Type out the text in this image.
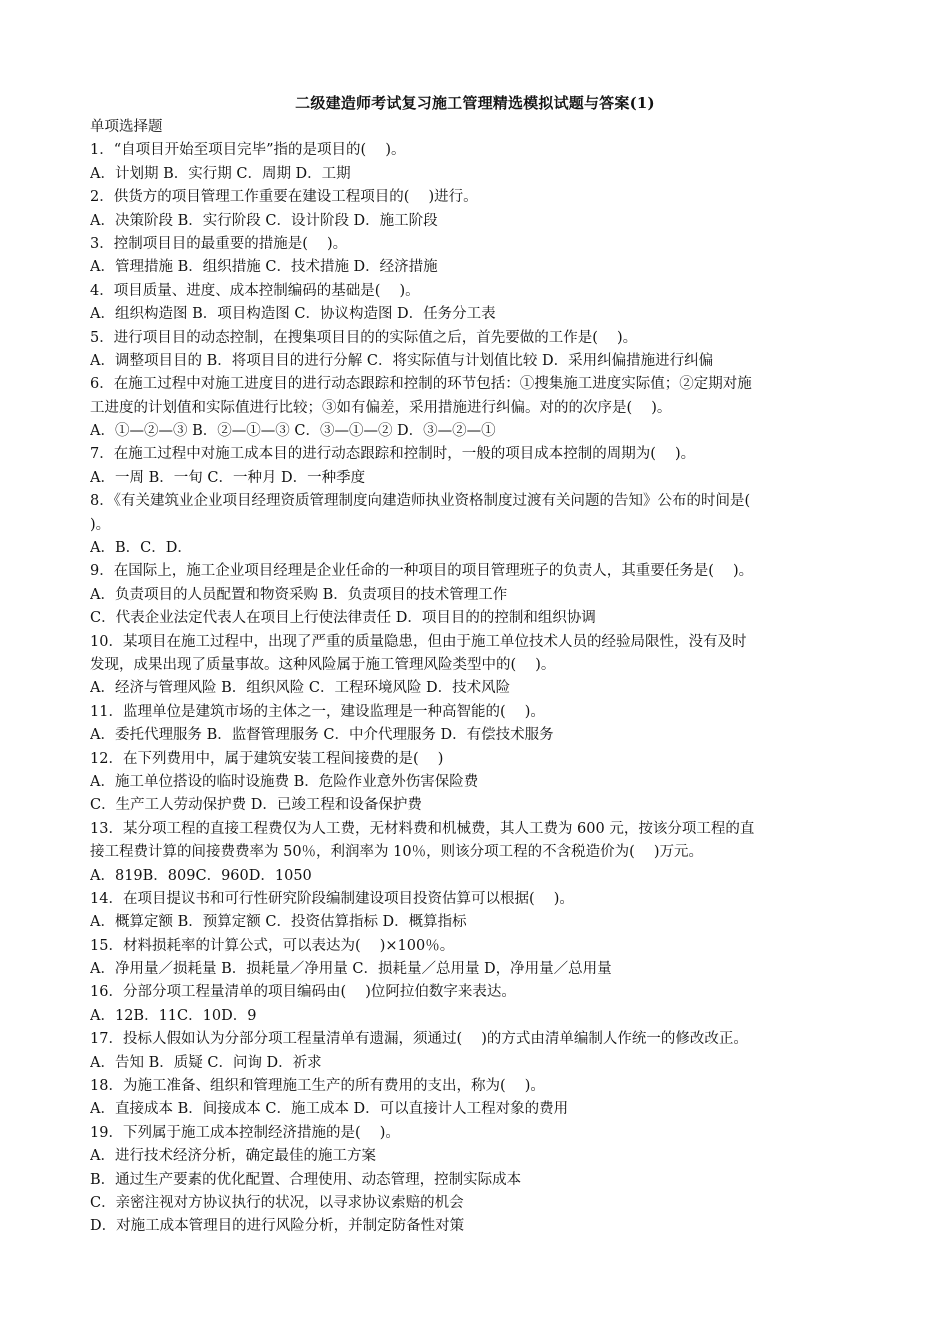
二级建造师考试复习施工管理精选模拟试题与答案(1)
单项选择题
1．“自项目开始至项目完毕”指的是项目的(　 )。
A．计划期 B．实行期 C．周期 D．工期
2．供货方的项目管理工作重要在建设工程项目的(　 )进行。
A．决策阶段 B．实行阶段 C．设计阶段 D．施工阶段
3．控制项目目的最重要的措施是(　 )。
A．管理措施 B．组织措施 C．技术措施 D．经济措施
4．项目质量、进度、成本控制编码的基础是(　 )。
A．组织构造图 B．项目构造图 C．协议构造图 D．任务分工表
5．进行项目目的动态控制，在搜集项目目的的实际值之后，首先要做的工作是(　 )。
A．调整项目目的 B．将项目目的进行分解 C．将实际值与计划值比较 D．采用纠偏措施进行纠偏
6．在施工过程中对施工进度目的进行动态跟踪和控制的环节包括：①搜集施工进度实际值；②定期对施
工进度的计划值和实际值进行比较；③如有偏差，采用措施进行纠偏。对的的次序是(　 )。
A．①—②—③ B．②—①—③ C．③—①—② D．③—②—①
7．在施工过程中对施工成本目的进行动态跟踪和控制时，一般的项目成本控制的周期为(　 )。
A．一周 B．一旬 C．一种月 D．一种季度
8．《有关建筑业企业项目经理资质管理制度向建造师执业资格制度过渡有关问题的告知》公布的时间是(
)。
A．B．C．D．
9．在国际上，施工企业项目经理是企业任命的一种项目的项目管理班子的负责人，其重要任务是(　 )。
A．负责项目的人员配置和物资采购 B．负责项目的技术管理工作
C．代表企业法定代表人在项目上行使法律责任 D．项目目的的控制和组织协调
10．某项目在施工过程中，出现了严重的质量隐患，但由于施工单位技术人员的经验局限性，没有及时
发现，成果出现了质量事故。这种风险属于施工管理风险类型中的(　 )。
A．经济与管理风险 B．组织风险 C．工程环境风险 D．技术风险
11．监理单位是建筑市场的主体之一，建设监理是一种高智能的(　 )。
A．委托代理服务 B．监督管理服务 C．中介代理服务 D．有偿技术服务
12．在下列费用中，属于建筑安装工程间接费的是(　 )
A．施工单位搭设的临时设施费 B．危险作业意外伤害保险费
C．生产工人劳动保护费 D．已竣工程和设备保护费
13．某分项工程的直接工程费仅为人工费，无材料费和机械费，其人工费为 600 元，按该分项工程的直
接工程费计算的间接费费率为 50％，利润率为 10％，则该分项工程的不含税造价为(　 )万元。
A．819B．809C．960D．1050
14．在项目提议书和可行性研究阶段编制建设项目投资估算可以根据(　 )。
A．概算定额 B．预算定额 C．投资估算指标 D．概算指标
15．材料损耗率的计算公式，可以表达为(　 )×100％。
A．净用量／损耗量 B．损耗量／净用量 C．损耗量／总用量 D，净用量／总用量
16．分部分项工程量清单的项目编码由(　 )位阿拉伯数字来表达。
A．12B．11C．10D．9
17．投标人假如认为分部分项工程量清单有遗漏，须通过(　 )的方式由清单编制人作统一的修改改正。
A．告知 B．质疑 C．问询 D．祈求
18．为施工准备、组织和管理施工生产的所有费用的支出，称为(　 )。
A．直接成本 B．间接成本 C．施工成本 D．可以直接计人工程对象的费用
19．下列属于施工成本控制经济措施的是(　 )。
A．进行技术经济分析，确定最佳的施工方案
B．通过生产要素的优化配置、合理使用、动态管理，控制实际成本
C．亲密注视对方协议执行的状况，以寻求协议索赔的机会
D．对施工成本管理目的进行风险分析，并制定防备性对策
